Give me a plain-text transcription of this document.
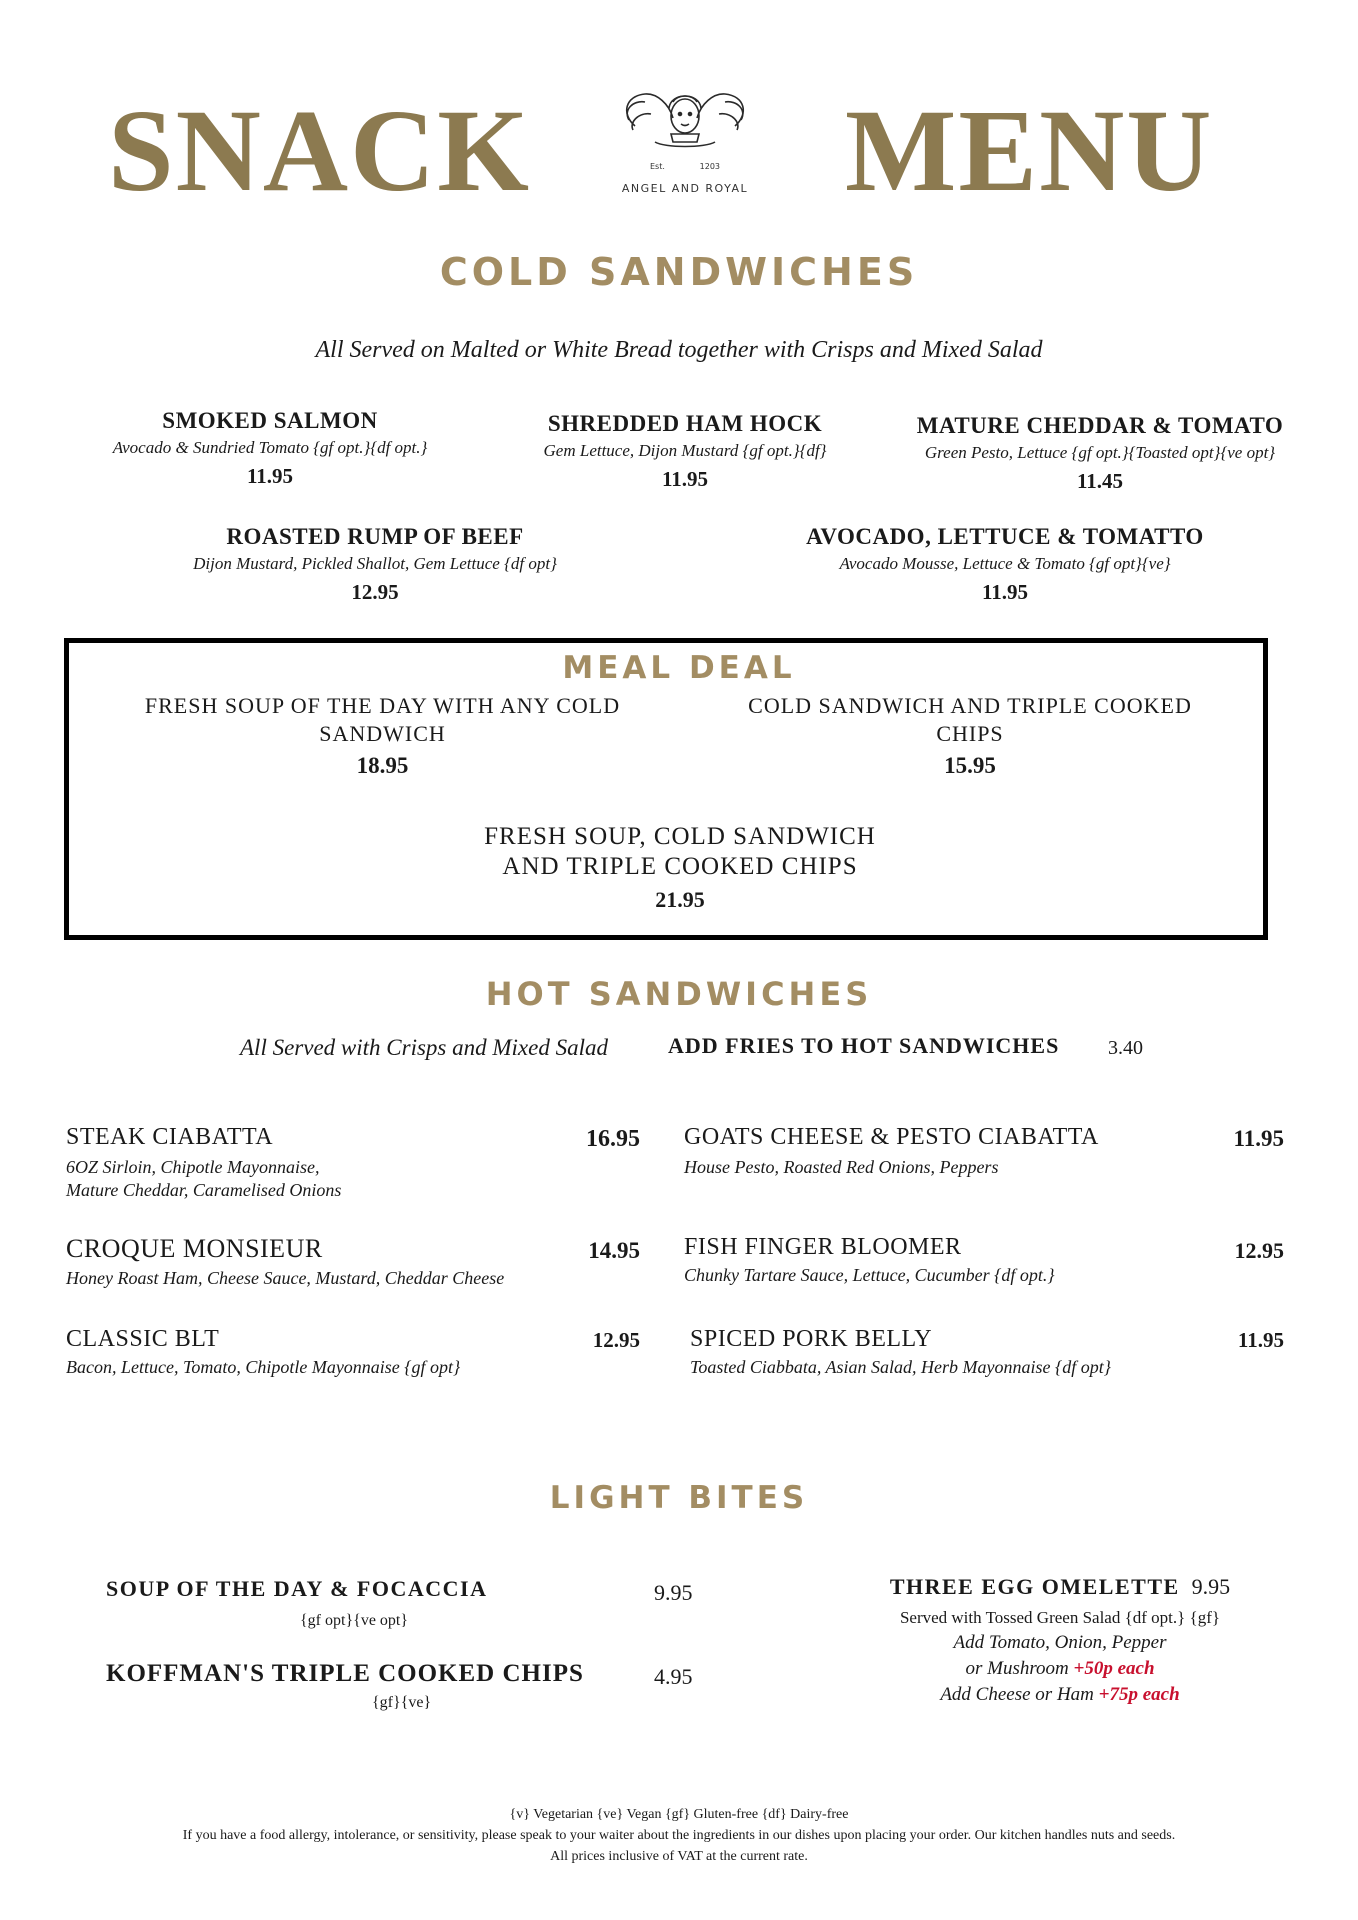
SNACK	MENU
Est.	1203
ANGEL AND ROYAL
COLD SANDWICHES
All Served on Malted or White Bread together with Crisps and Mixed Salad
SMOKED SALMON
Avocado & Sundried Tomato {gf opt.}{df opt.}
11.95
SHREDDED HAM HOCK
Gem Lettuce, Dijon Mustard {gf opt.}{df}
11.95
MATURE CHEDDAR & TOMATO
Green Pesto, Lettuce {gf opt.}{Toasted opt}{ve opt}
11.45
ROASTED RUMP OF BEEF
Dijon Mustard, Pickled Shallot, Gem Lettuce {df opt}
12.95
AVOCADO, LETTUCE & TOMATTO
Avocado Mousse, Lettuce & Tomato {gf opt}{ve}
11.95
MEAL DEAL
FRESH SOUP OF THE DAY WITH ANY COLD
SANDWICH
18.95
COLD SANDWICH AND TRIPLE COOKED
CHIPS
15.95
FRESH SOUP, COLD SANDWICH
AND TRIPLE COOKED CHIPS
21.95
HOT SANDWICHES
All Served with Crisps and Mixed Salad	ADD FRIES TO HOT SANDWICHES 3.40
STEAK CIABATTA	16.95
6OZ Sirloin, Chipotle Mayonnaise,
Mature Cheddar, Caramelised Onions
CROQUE MONSIEUR	14.95
Honey Roast Ham, Cheese Sauce, Mustard, Cheddar Cheese
CLASSIC BLT	12.95
Bacon, Lettuce, Tomato, Chipotle Mayonnaise {gf opt}
GOATS CHEESE & PESTO CIABATTA	11.95
House Pesto, Roasted Red Onions, Peppers
FISH FINGER BLOOMER	12.95
Chunky Tartare Sauce, Lettuce, Cucumber {df opt.}
SPICED PORK BELLY	11.95
Toasted Ciabbata, Asian Salad, Herb Mayonnaise {df opt}
LIGHT BITES
SOUP OF THE DAY & FOCACCIA	9.95
{gf opt}{ve opt}
KOFFMAN'S TRIPLE COOKED CHIPS	4.95
{gf}{ve}
THREE EGG OMELETTE 9.95
Served with Tossed Green Salad {df opt.} {gf}
Add Tomato, Onion, Pepper
or Mushroom +50p each
Add Cheese or Ham +75p each
{v} Vegetarian {ve} Vegan {gf} Gluten-free {df} Dairy-free
If you have a food allergy, intolerance, or sensitivity, please speak to your waiter about the ingredients in our dishes upon placing your order. Our kitchen handles nuts and seeds.
All prices inclusive of VAT at the current rate.
